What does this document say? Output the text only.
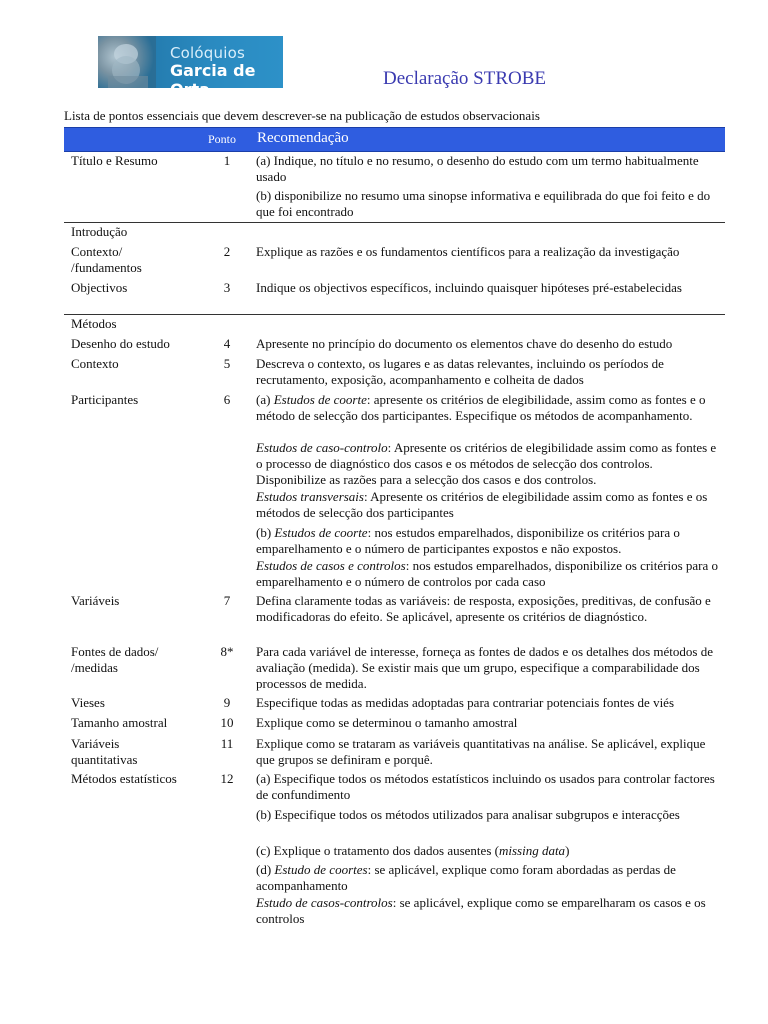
Colóquios
Garcia de Orta
Declaração STROBE
Lista de pontos essenciais que devem descrever-se na publicação de estudos observacionais
Ponto Recomendação
Título e Resumo	1	(a) Indique, no título e no resumo, o desenho do estudo com um termo habitualmente usado
(b) disponibilize no resumo uma sinopse informativa e equilibrada do que foi feito e do que foi encontrado
Introdução
Contexto/
/fundamentos
2	Explique as razões e os fundamentos científicos para a realização da investigação
Objectivos	3	Indique os objectivos específicos, incluindo quaisquer hipóteses pré-estabelecidas
Métodos
Desenho do estudo	4	Apresente no princípio do documento os elementos chave do desenho do estudo
Contexto	5	Descreva o contexto, os lugares e as datas relevantes, incluindo os períodos de recrutamento, exposição, acompanhamento e colheita de dados
Participantes	6	(a) Estudos de coorte: apresente os critérios de elegibilidade, assim como as fontes e o método de selecção dos participantes. Especifique os métodos de acompanhamento.
Estudos de caso-controlo: Apresente os critérios de elegibilidade assim como as fontes e o processo de diagnóstico dos casos e os métodos de selecção dos controlos. Disponibilize as razões para a selecção dos casos e dos controlos.
Estudos transversais: Apresente os critérios de elegibilidade assim como as fontes e os métodos de selecção dos participantes
(b) Estudos de coorte: nos estudos emparelhados, disponibilize os critérios para o emparelhamento e o número de participantes expostos e não expostos.
Estudos de casos e controlos: nos estudos emparelhados, disponibilize os critérios para o emparelhamento e o número de controlos por cada caso
Variáveis	7	Defina claramente todas as variáveis: de resposta, exposições, preditivas, de confusão e modificadoras do efeito. Se aplicável, apresente os critérios de diagnóstico.
Fontes de dados/
/medidas
8*	Para cada variável de interesse, forneça as fontes de dados e os detalhes dos métodos de avaliação (medida). Se existir mais que um grupo, especifique a comparabilidade dos processos de medida.
Vieses	9	Especifique todas as medidas adoptadas para contrariar potenciais fontes de viés
Tamanho amostral	10	Explique como se determinou o tamanho amostral
Variáveis
quantitativas
11	Explique como se trataram as variáveis quantitativas na análise. Se aplicável, explique que grupos se definiram e porquê.
Métodos estatísticos	12	(a) Especifique todos os métodos estatísticos incluindo os usados para controlar factores de confundimento
(b) Especifique todos os métodos utilizados para analisar subgrupos e interacções
(c) Explique o tratamento dos dados ausentes (missing data)
(d) Estudo de coortes: se aplicável, explique como foram abordadas as perdas de acompanhamento
Estudo de casos-controlos: se aplicável, explique como se emparelharam os casos e os controlos
